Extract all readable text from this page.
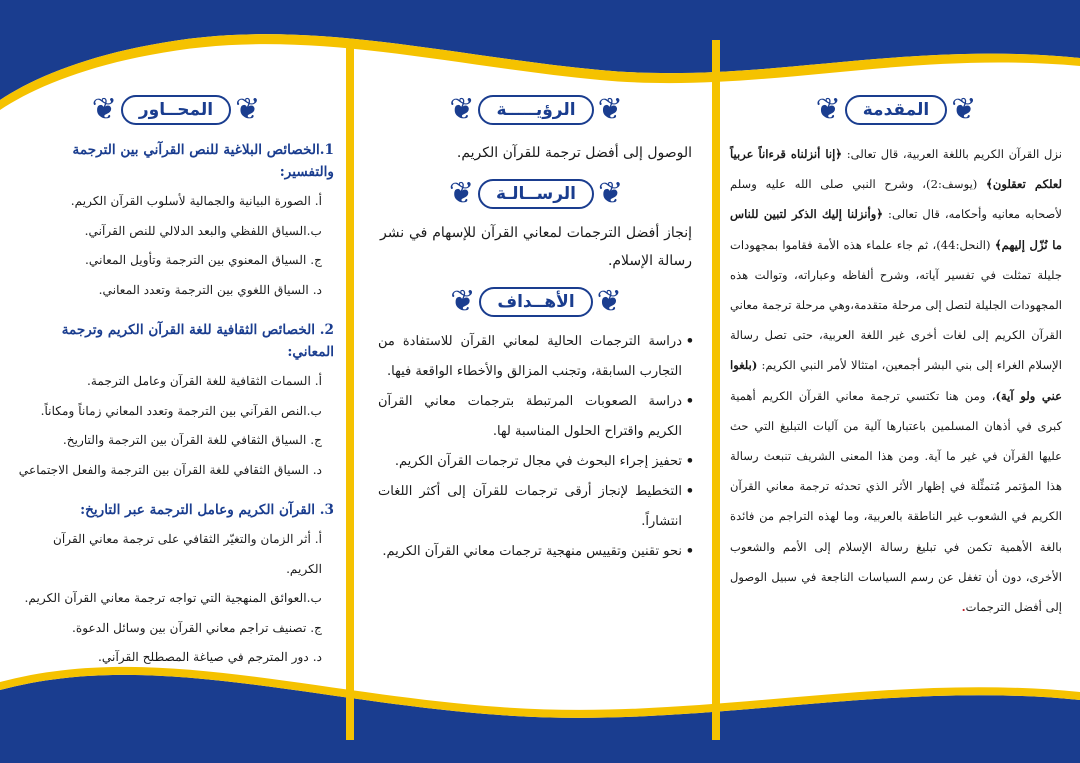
❦
المقدمة
❦

نزل القرآن الكريم باللغة العربية، قال تعالى: ﴿إنا أنزلناه قرءاناً عربياً لعلكم تعقلون﴾ (يوسف:2)، وشرح النبي صلى الله عليه وسلم لأصحابه معانيه وأحكامه، قال تعالى: ﴿وأنزلنا إليك الذكر لتبين للناس ما نُزّل إليهم﴾ (النحل:44)، ثم جاء علماء هذه الأمة فقاموا بمجهودات جليلة تمثلت في تفسير آياته، وشرح ألفاظه وعباراته، وتوالت هذه المجهودات الجليلة لتصل إلى مرحلة متقدمة،وهي مرحلة ترجمة معاني القرآن الكريم إلى لغات أخرى غير اللغة العربية، حتى تصل رسالة الإسلام الغراء إلى بني البشر أجمعين، امتثالا لأمر النبي الكريم: (بلغوا عني ولو آية)، ومن هنا تكتسي ترجمة معاني القرآن الكريم أهمية كبرى في أذهان المسلمين باعتبارها آلية من آليات التبليغ التي حث عليها القرآن في غير ما آية. ومن هذا المعنى الشريف تنبعث رسالة هذا المؤتمر مُتمثِّلة في إظهار الأثر الذي تحدثه ترجمة معاني القرآن الكريم في الشعوب غير الناطقة بالعربية، وما لهذه التراجم من فائدة بالغة الأهمية تكمن في تبليغ رسالة الإسلام إلى الأمم والشعوب الأخرى، دون أن تغفل عن رسم السياسات الناجعة في سبيل الوصول إلى أفضل الترجمات.

❦
الرؤيـــــة
❦

الوصول إلى أفضل ترجمة للقرآن الكريم.

❦
الرســالـة
❦

إنجاز أفضل الترجمات لمعاني القرآن للإسهام في نشر رسالة الإسلام.

❦
الأهــداف
❦
• دراسة الترجمات الحالية لمعاني القرآن للاستفادة من التجارب السابقة، وتجنب المزالق والأخطاء الواقعة فيها.
• دراسة الصعوبات المرتبطة بترجمات معاني القرآن الكريم واقتراح الحلول المناسبة لها.
• تحفيز إجراء البحوث في مجال ترجمات القرآن الكريم.
• التخطيط لإنجاز أرقى ترجمات للقرآن إلى أكثر اللغات انتشاراً.
• نحو تقنين وتقييس منهجية ترجمات معاني القرآن الكريم.
❦
المحــاور
❦
1.الخصائص البلاغية للنص القرآني بين الترجمة والتفسير:
أ. الصورة البيانية والجمالية لأسلوب القرآن الكريم.
ب.السياق اللفظي والبعد الدلالي للنص القرآني.
ج. السياق المعنوي بين الترجمة وتأويل المعاني.
د. السياق اللغوي بين الترجمة وتعدد المعاني.
2. الخصائص الثقافية للغة القرآن الكريم وترجمة المعاني:
أ. السمات الثقافية للغة القرآن وعامل الترجمة.
ب.النص القرآني بين الترجمة وتعدد المعاني زماناً ومكاناً.
ج. السياق الثقافي للغة القرآن بين الترجمة والتاريخ.
د. السياق الثقافي للغة القرآن بين الترجمة والفعل الاجتماعي
3. القرآن الكريم وعامل الترجمة عبر التاريخ:
أ. أثر الزمان والتغيّر الثقافي على ترجمة معاني القرآن الكريم.
ب.العوائق المنهجية التي تواجه ترجمة معاني القرآن الكريم.
ج. تصنيف تراجم معاني القرآن بين وسائل الدعوة.
د. دور المترجم في صياغة المصطلح القرآني.
